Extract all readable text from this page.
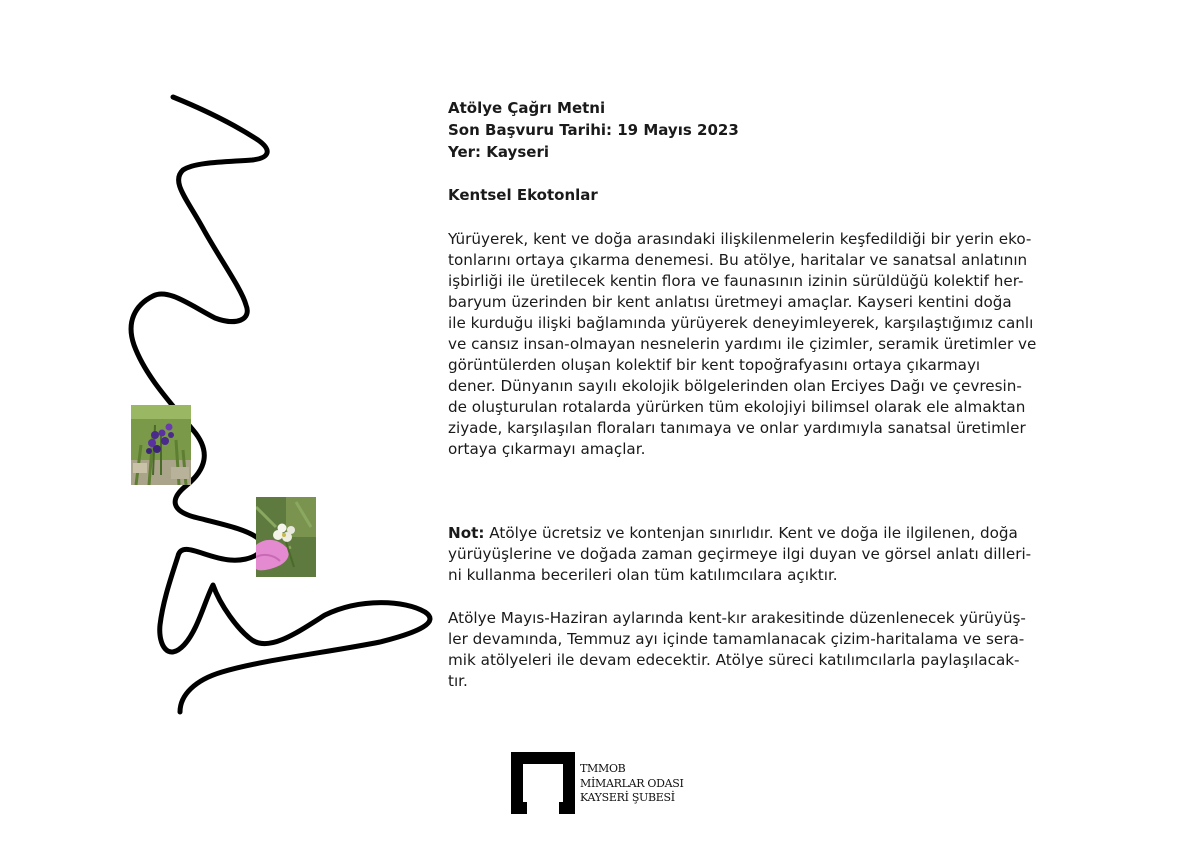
Atölye Çağrı Metni

Son Başvuru Tarihi: 19 Mayıs 2023

Yer: Kayseri

Kentsel Ekotonlar

Yürüyerek, kent ve doğa arasındaki ilişkilenmelerin keşfedildiği bir yerin eko-
tonlarını ortaya çıkarma denemesi. Bu atölye, haritalar ve sanatsal anlatının
işbirliği ile üretilecek kentin flora ve faunasının izinin sürüldüğü kolektif her-
baryum üzerinden bir kent anlatısı üretmeyi amaçlar. Kayseri kentini doğa
ile kurduğu ilişki bağlamında yürüyerek deneyimleyerek, karşılaştığımız canlı
ve cansız insan-olmayan nesnelerin yardımı ile çizimler, seramik üretimler ve
görüntülerden oluşan kolektif bir kent topoğrafyasını ortaya çıkarmayı
dener. Dünyanın sayılı ekolojik bölgelerinden olan Erciyes Dağı ve çevresin-
de oluşturulan rotalarda yürürken tüm ekolojiyi bilimsel olarak ele almaktan
ziyade, karşılaşılan floraları tanımaya ve onlar yardımıyla sanatsal üretimler
ortaya çıkarmayı amaçlar.

Not: Atölye ücretsiz ve kontenjan sınırlıdır. Kent ve doğa ile ilgilenen, doğa
yürüyüşlerine ve doğada zaman geçirmeye ilgi duyan ve görsel anlatı dilleri-
ni kullanma becerileri olan tüm katılımcılara açıktır.

Atölye Mayıs-Haziran aylarında kent-kır arakesitinde düzenlenecek yürüyüş-
ler devamında, Temmuz ayı içinde tamamlanacak çizim-haritalama ve sera-
mik atölyeleri ile devam edecektir. Atölye süreci katılımcılarla paylaşılacak-
tır.

TMMOB
MİMARLAR ODASI
KAYSERİ ŞUBESİ
